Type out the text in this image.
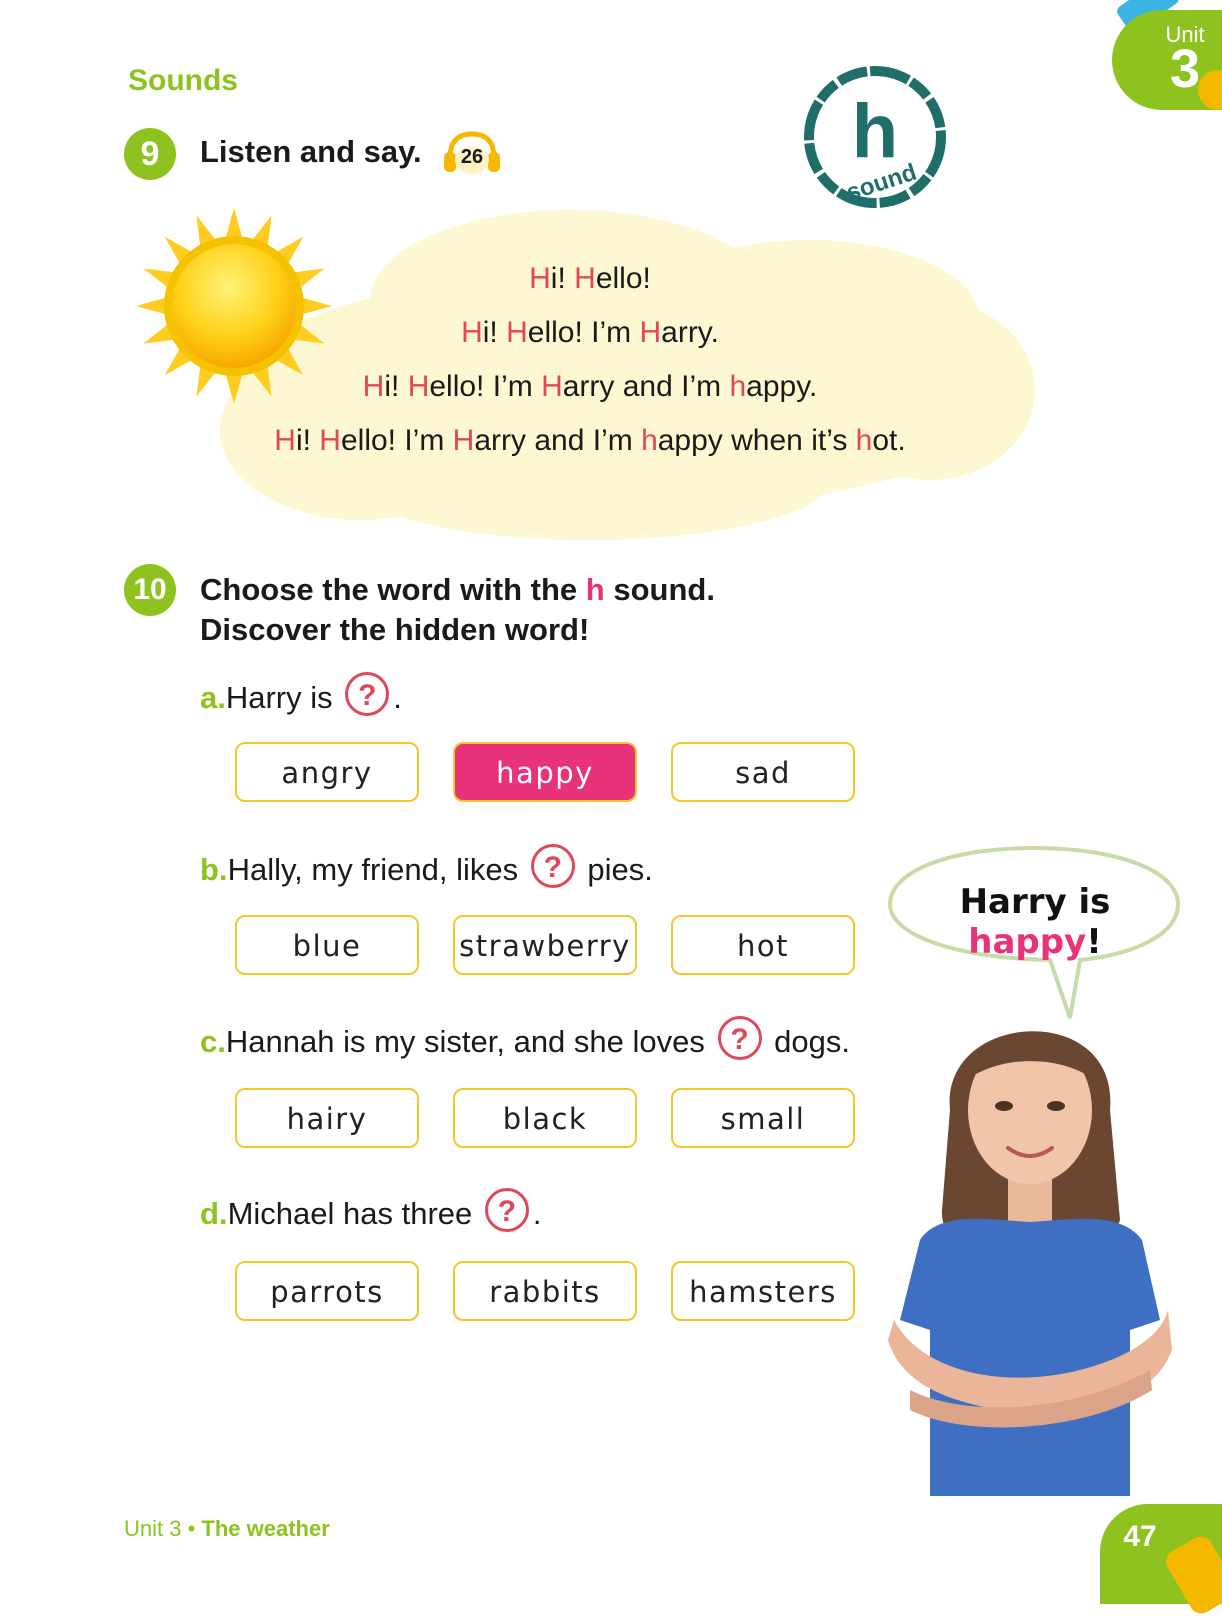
Unit
3
Sounds
9	Listen and say. 26	h
sound
Hi! Hello!
Hi! Hello! I’m Harry.
Hi! Hello! I’m Harry and I’m happy.
Hi! Hello! I’m Harry and I’m happy when it’s hot.
10	Choose the word with the h sound.
Discover the hidden word!
a.Harry is ? .
b.Hally, my friend, likes ? pies.
c.Hannah is my sister, and she loves ? dogs.
d.Michael has three ? .
angry	happy	sad
blue	strawberry	hot
hairy	black	small
parrots	rabbits	hamsters
Harry is happy!
Unit 3 • The weather	47
